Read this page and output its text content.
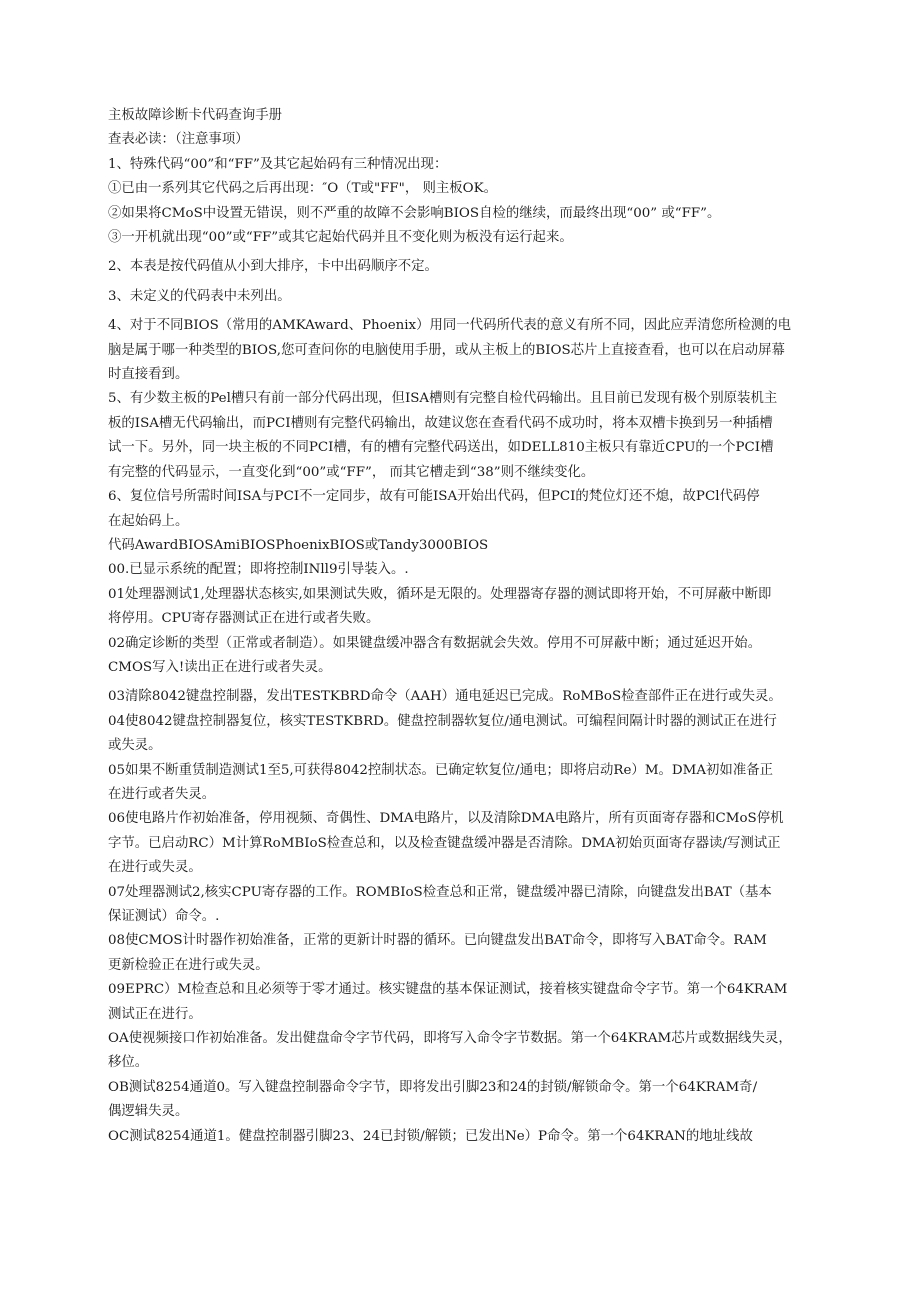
主板故障诊断卡代码查询手册
查表必读：（注意事项）
1、特殊代码“00”和“FF”及其它起始码有三种情况出现：
①已由一系列其它代码之后再出现：″O（T或"FF"， 则主板OK。
②如果将CMoS中设置无错误，则不严重的故障不会影响BIOS自检的继续，而最终出现“00” 或“FF”。
③一开机就出现“00”或“FF”或其它起始代码并且不变化则为板没有运行起来。
2、本表是按代码值从小到大排序，卡中出码顺序不定。
3、未定义的代码表中未列出。
4、对于不同BIOS（常用的AMKAward、Phoenix）用同一代码所代表的意义有所不同，因此应弄清您所检测的电
脑是属于哪一种类型的BIOS,您可查问你的电脑使用手册，或从主板上的BIOS芯片上直接查看，也可以在启动屏幕
时直接看到。
5、有少数主板的Pel槽只有前一部分代码出现，但ISA槽则有完整自检代码输出。且目前已发现有极个别原装机主
板的ISA槽无代码输出，而PCI槽则有完整代码输出，故建议您在查看代码不成功时，将本双槽卡换到另一种插槽
试一下。另外，同一块主板的不同PCI槽，有的槽有完整代码送出，如DELL810主板只有靠近CPU的一个PCI槽
有完整的代码显示，一直变化到“00”或“FF”， 而其它槽走到“38”则不继续变化。
6、复位信号所需时间ISA与PCI不一定同步，故有可能ISA开始出代码，但PCI的梵位灯还不熄，故PCl代码停
在起始码上。
代码AwardBIOSAmiBIOSPhoenixBIOS或Tandy3000BIOS
00.已显示系统的配置；即将控制INll9引导装入。.
01处理器测试1,处理器状态核实,如果测试失败，循环是无限的。处理器寄存器的测试即将开始，不可屏蔽中断即
将停用。CPU寄存器测试正在进行或者失败。
02确定诊断的类型（正常或者制造）。如果键盘缓冲器含有数据就会失效。停用不可屏蔽中断；通过延迟开始。
CMOS写入!读出正在进行或者失灵。
03清除8042键盘控制器，发出TESTKBRD命令（AAH）通电延迟已完成。RoMBoS检查部件正在进行或失灵。
04使8042键盘控制器复位，核实TESTKBRD。健盘控制器软复位/通电测试。可编程间隔计时器的测试正在进行
或失灵。
05如果不断重赁制造测试1至5,可获得8042控制状态。已确定软复位/通电；即将启动Re）M。DMA初如准备正
在进行或者失灵。
06使电路片作初始准备，停用视频、奇偶性、DMA电路片，以及清除DMA电路片，所有页面寄存器和CMoS停机
字节。已启动RC）M计算RoMBIoS检查总和，以及检查键盘缓冲器是否清除。DMA初始页面寄存器读/写测试正
在进行或失灵。
07处理器测试2,核实CPU寄存器的工作。ROMBIoS检查总和正常，键盘缓冲器已清除，向键盘发出BAT（基本
保证测试）命令。.
08使CMOS计时器作初始准备，正常的更新计时器的循环。已向键盘发出BAT命令，即将写入BAT命令。RAM
更新检验正在进行或失灵。
09EPRC）M检查总和且必须等于零才通过。核实键盘的基本保证测试，接着核实键盘命令字节。第一个64KRAM
测试正在进行。
OA使视频接口作初始准备。发出健盘命令字节代码，即将写入命令字节数据。第一个64KRAM芯片或数据线失灵，
移位。
OB测试8254通道0。写入键盘控制器命令字节，即将发出引脚23和24的封锁/解锁命令。第一个64KRAM奇/
偶逻辑失灵。
OC测试8254通道1。健盘控制器引脚23、24已封锁/解锁；已发出Ne）P命令。第一个64KRAN的地址线故
